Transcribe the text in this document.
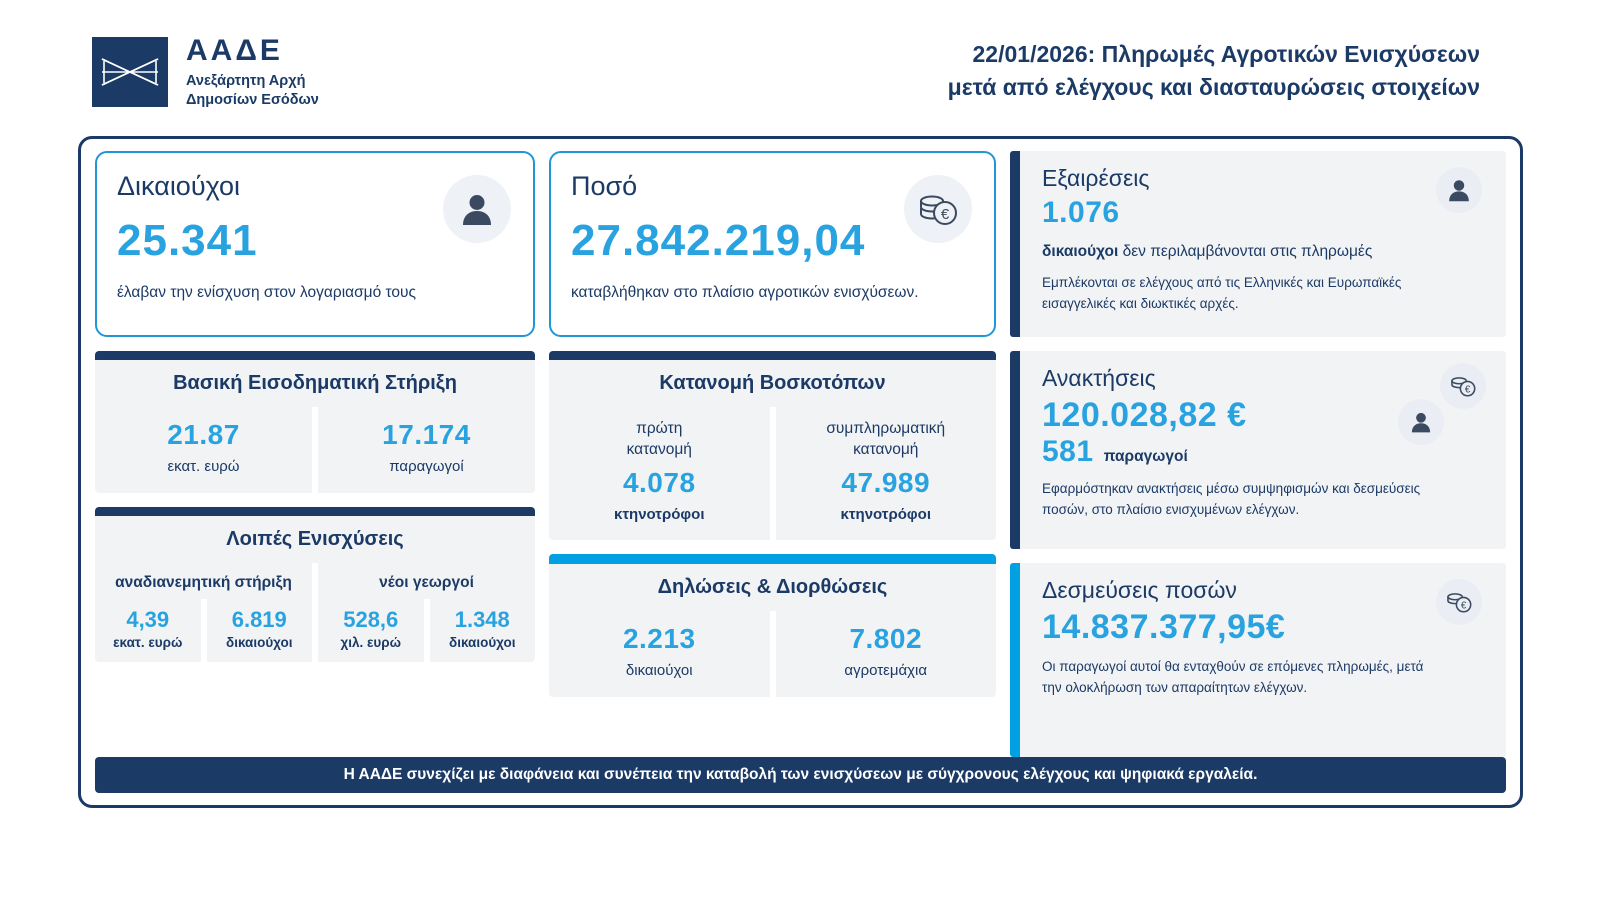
ΑΑΔΕ
Ανεξάρτητη Αρχή
Δημοσίων Εσόδων
22/01/2026: Πληρωμές Αγροτικών Ενισχύσεων
μετά από ελέγχους και διασταυρώσεις στοιχείων
Δικαιούχοι
25.341
έλαβαν την ενίσχυση στον λογαριασμό τους
Βασική Εισοδηματική Στήριξη
21.87
εκατ. ευρώ
17.174
παραγωγοί
Λοιπές Ενισχύσεις
αναδιανεμητική στήριξη	νέοι γεωργοί
4,39
εκατ. ευρώ
6.819
δικαιούχοι
528,6
χιλ. ευρώ
1.348
δικαιούχοι
€
Ποσό
27.842.219,04
καταβλήθηκαν στο πλαίσιο αγροτικών ενισχύσεων.
Κατανομή Βοσκοτόπων
πρώτη
κατανομή
4.078
κτηνοτρόφοι
συμπληρωματική
κατανομή
47.989
κτηνοτρόφοι
Δηλώσεις & Διορθώσεις
2.213
δικαιούχοι
7.802
αγροτεμάχια
Εξαιρέσεις
1.076
δικαιούχοι δεν περιλαμβάνονται στις πληρωμές
Εμπλέκονται σε ελέγχους από τις Ελληνικές και Ευρωπαϊκές εισαγγελικές και διωκτικές αρχές.
€
Ανακτήσεις
120.028,82 €
581 παραγωγοί
Εφαρμόστηκαν ανακτήσεις μέσω συμψηφισμών και δεσμεύσεις ποσών, στο πλαίσιο ενισχυμένων ελέγχων.
€
Δεσμεύσεις ποσών
14.837.377,95€
Οι παραγωγοί αυτοί θα ενταχθούν σε επόμενες πληρωμές, μετά την ολοκλήρωση των απαραίτητων ελέγχων.
Η ΑΑΔΕ συνεχίζει με διαφάνεια και συνέπεια την καταβολή των ενισχύσεων με σύγχρονους ελέγχους και ψηφιακά εργαλεία.
